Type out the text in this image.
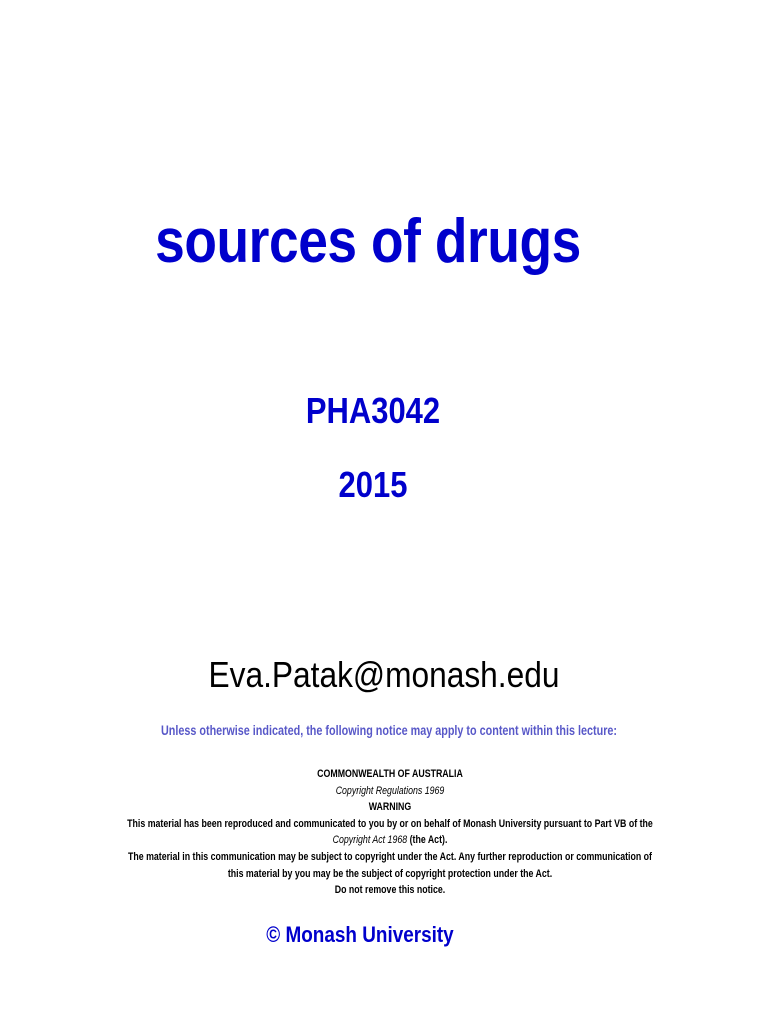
sources of drugs
PHA3042
2015
Eva.Patak@monash.edu
Unless otherwise indicated, the following notice may apply to content within this lecture:
COMMONWEALTH OF AUSTRALIA
Copyright Regulations 1969
WARNING
This material has been reproduced and communicated to you by or on behalf of Monash University pursuant to Part VB of the
Copyright Act 1968 (the Act).
The material in this communication may be subject to copyright under the Act. Any further reproduction or communication of
this material by you may be the subject of copyright protection under the Act.
Do not remove this notice.
© Monash University
